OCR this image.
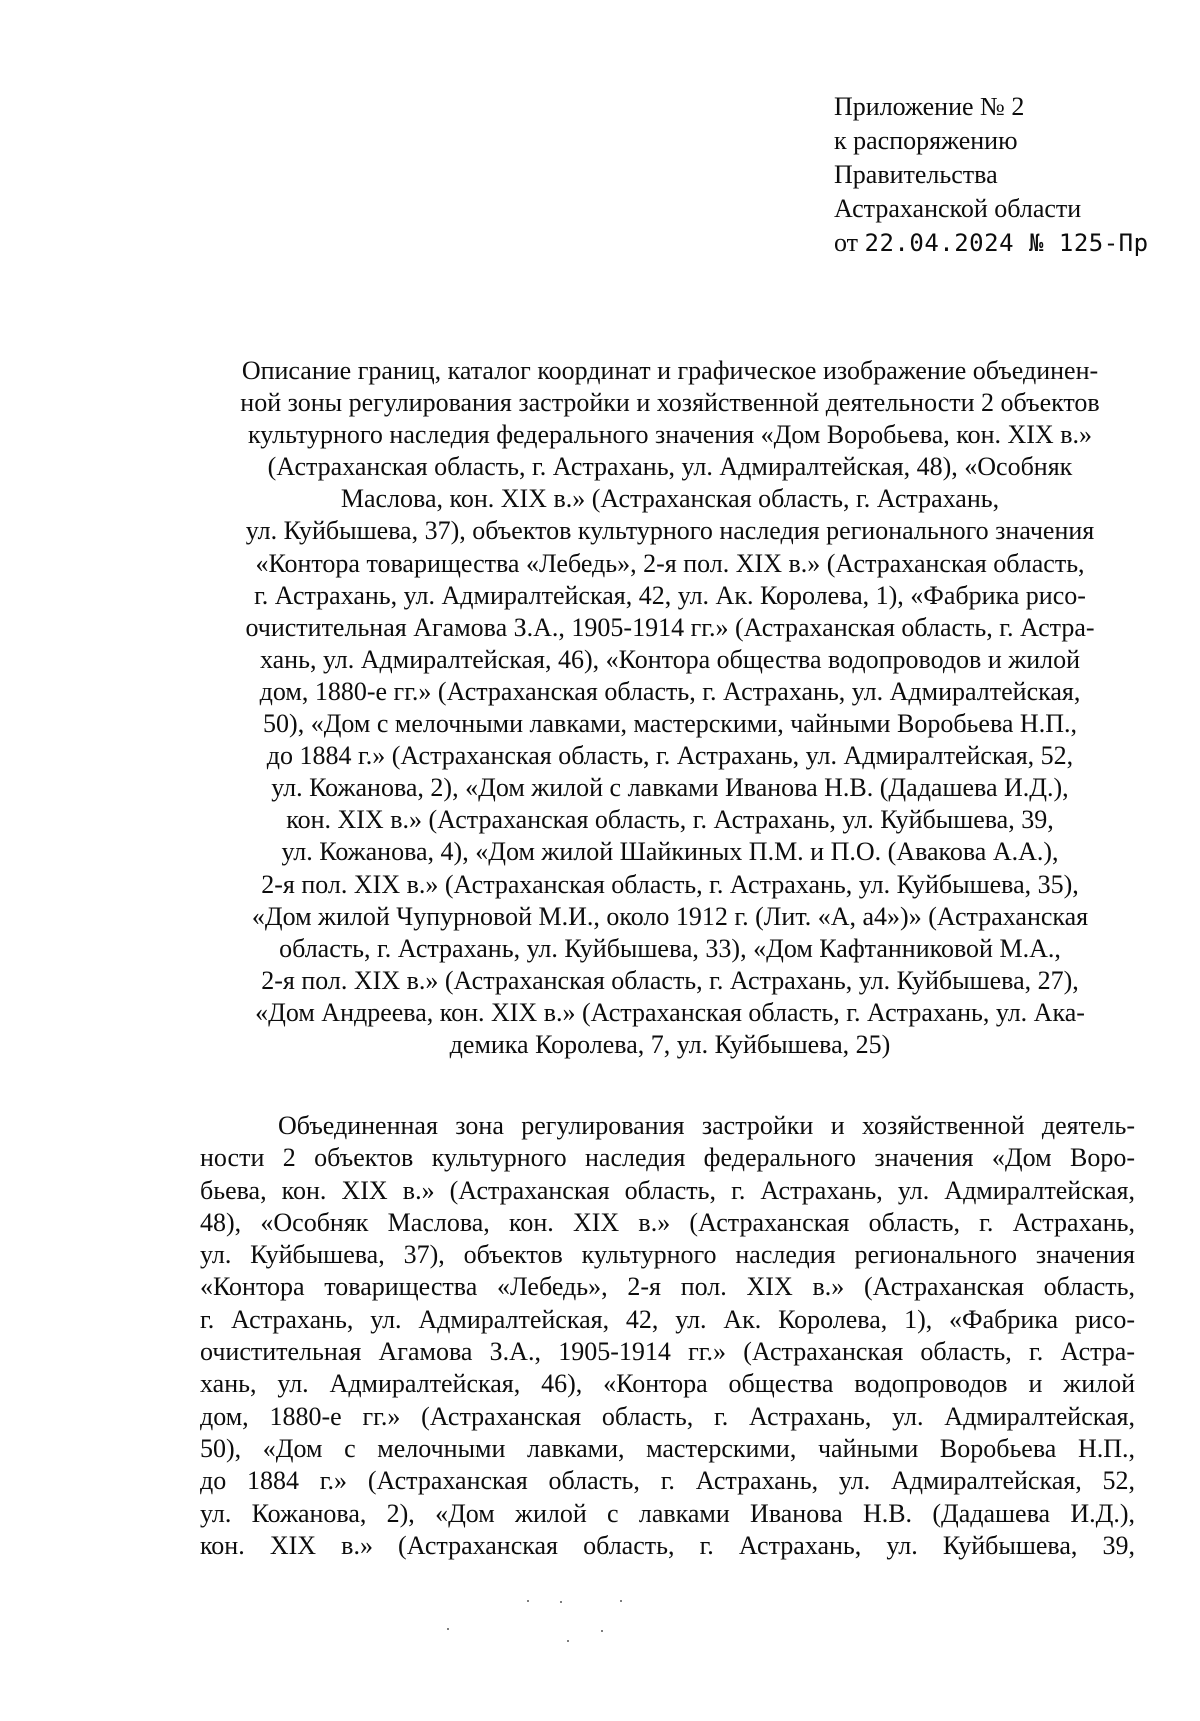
Приложение № 2
к распоряжению
Правительства
Астраханской области
от 22.04.2024 № 125-Пр
Описание границ, каталог координат и графическое изображение объединен-
ной зоны регулирования застройки и хозяйственной деятельности 2 объектов
культурного наследия федерального значения «Дом Воробьева, кон. XIX в.»
(Астраханская область, г. Астрахань, ул. Адмиралтейская, 48), «Особняк
Маслова, кон. XIX в.» (Астраханская область, г. Астрахань,
ул. Куйбышева, 37), объектов культурного наследия регионального значения
«Контора товарищества «Лебедь», 2-я пол. XIX в.» (Астраханская область,
г. Астрахань, ул. Адмиралтейская, 42, ул. Ак. Королева, 1), «Фабрика рисо-
очистительная Агамова З.А., 1905-1914 гг.» (Астраханская область, г. Астра-
хань, ул. Адмиралтейская, 46), «Контора общества водопроводов и жилой
дом, 1880-е гг.» (Астраханская область, г. Астрахань, ул. Адмиралтейская,
50), «Дом с мелочными лавками, мастерскими, чайными Воробьева Н.П.,
до 1884 г.» (Астраханская область, г. Астрахань, ул. Адмиралтейская, 52,
ул. Кожанова, 2), «Дом жилой с лавками Иванова Н.В. (Дадашева И.Д.),
кон. XIX в.» (Астраханская область, г. Астрахань, ул. Куйбышева, 39,
ул. Кожанова, 4), «Дом жилой Шайкиных П.М. и П.О. (Авакова А.А.),
2-я пол. XIX в.» (Астраханская область, г. Астрахань, ул. Куйбышева, 35),
«Дом жилой Чупурновой М.И., около 1912 г. (Лит. «А, а4»)» (Астраханская
область, г. Астрахань, ул. Куйбышева, 33), «Дом Кафтанниковой М.А.,
2-я пол. XIX в.» (Астраханская область, г. Астрахань, ул. Куйбышева, 27),
«Дом Андреева, кон. XIX в.» (Астраханская область, г. Астрахань, ул. Ака-
демика Королева, 7, ул. Куйбышева, 25)
Объединенная зона регулирования застройки и хозяйственной деятель-
ности 2 объектов культурного наследия федерального значения «Дом Воро-
бьева, кон. XIX в.» (Астраханская область, г. Астрахань, ул. Адмиралтейская,
48), «Особняк Маслова, кон. XIX в.» (Астраханская область, г. Астрахань,
ул. Куйбышева, 37), объектов культурного наследия регионального значения
«Контора товарищества «Лебедь», 2-я пол. XIX в.» (Астраханская область,
г. Астрахань, ул. Адмиралтейская, 42, ул. Ак. Королева, 1), «Фабрика рисо-
очистительная Агамова З.А., 1905-1914 гг.» (Астраханская область, г. Астра-
хань, ул. Адмиралтейская, 46), «Контора общества водопроводов и жилой
дом, 1880-е гг.» (Астраханская область, г. Астрахань, ул. Адмиралтейская,
50), «Дом с мелочными лавками, мастерскими, чайными Воробьева Н.П.,
до 1884 г.» (Астраханская область, г. Астрахань, ул. Адмиралтейская, 52,
ул. Кожанова, 2), «Дом жилой с лавками Иванова Н.В. (Дадашева И.Д.),
кон. XIX в.» (Астраханская область, г. Астрахань, ул. Куйбышева, 39,
